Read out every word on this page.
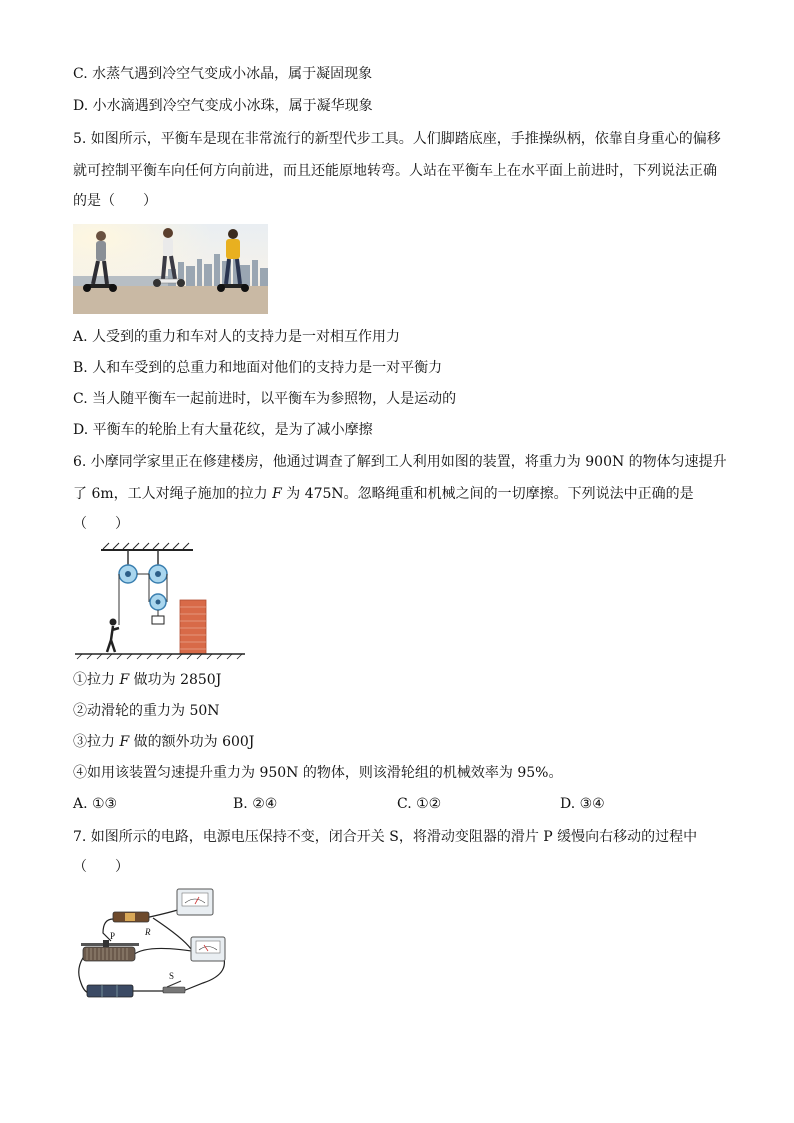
C. 水蒸气遇到冷空气变成小冰晶，属于凝固现象
D. 小水滴遇到冷空气变成小冰珠，属于凝华现象
5. 如图所示，平衡车是现在非常流行的新型代步工具。人们脚踏底座，手推操纵柄，依靠自身重心的偏移
就可控制平衡车向任何方向前进，而且还能原地转弯。人站在平衡车上在水平面上前进时，下列说法正确
的是（　　）
A. 人受到的重力和车对人的支持力是一对相互作用力
B. 人和车受到的总重力和地面对他们的支持力是一对平衡力
C. 当人随平衡车一起前进时，以平衡车为参照物，人是运动的
D. 平衡车的轮胎上有大量花纹，是为了减小摩擦
6. 小摩同学家里正在修建楼房，他通过调查了解到工人利用如图的装置，将重力为 900N 的物体匀速提升
了 6m，工人对绳子施加的拉力 F 为 475N。忽略绳重和机械之间的一切摩擦。下列说法中正确的是
（　　）
①拉力 F 做功为 2850J
②动滑轮的重力为 50N
③拉力 F 做的额外功为 600J
④如用该装置匀速提升重力为 950N 的物体，则该滑轮组的机械效率为 95%。
A. ①③	B. ②④	C. ①②	D. ③④
7. 如图所示的电路，电源电压保持不变，闭合开关 S，将滑动变阻器的滑片 P 缓慢向右移动的过程中
（　　）
R
P
S
